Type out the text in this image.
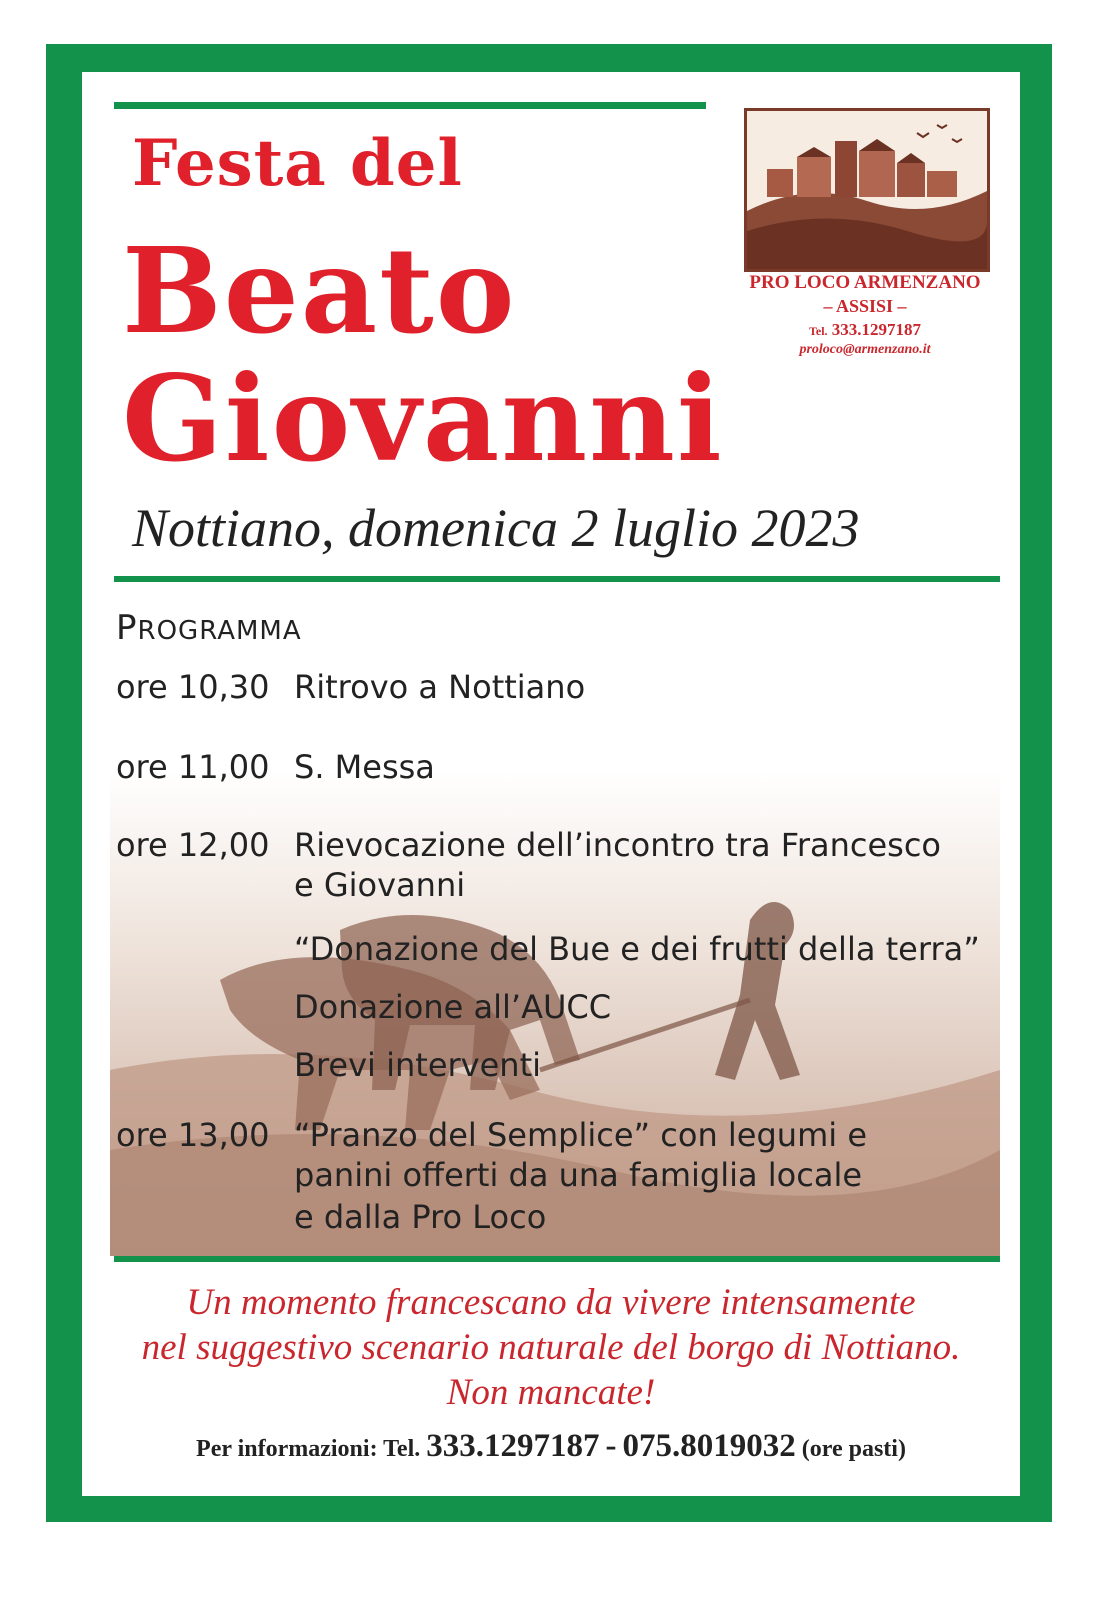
Festa del
Beato
Giovanni
PRO LOCO ARMENZANO
– ASSISI –
Tel. 333.1297187
proloco@armenzano.it
Nottiano, domenica 2 luglio 2023
PROGRAMMA
ore 10,30 Ritrovo a Nottiano
ore 11,00 S. Messa
ore 12,00 Rievocazione dell’incontro tra Francesco
e Giovanni
“Donazione del Bue e dei frutti della terra”
Donazione all’AUCC
Brevi interventi
ore 13,00 “Pranzo del Semplice” con legumi e
panini offerti da una famiglia locale
e dalla Pro Loco
Un momento francescano da vivere intensamente
nel suggestivo scenario naturale del borgo di Nottiano.
Non mancate!
Per informazioni: Tel. 333.1297187 - 075.8019032 (ore pasti)
